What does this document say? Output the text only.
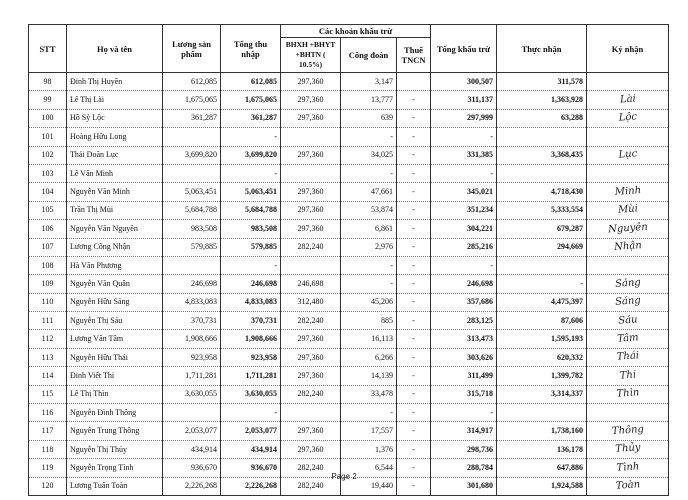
STT	Họ và tên	Lương sản phẩm	Tổng thu nhập	Các khoản khấu trừ			Tổng khấu trừ	Thực nhận	Ký nhận
				BHXH +BHYT +BHTN ( 10.5%)	Công đoàn	Thuế TNCN			
98	Đinh Thị Huyền	612,085	612,085	297,360	3,147		300,507	311,578	
99	Lê Thị Lài	1,675,065	1,675,065	297,360	13,777	-	311,137	1,363,928	Lài
100	Hồ Sỹ Lộc	361,287	361,287	297,360	639	-	297,999	63,288	Lộc
101	Hoàng Hữu Long		-		-	-	-		
102	Thái Doãn Lục	3,699,820	3,699,820	297,360	34,025	-	331,385	3,368,435	Lục
103	Lê Văn Minh		-		-	-	-		
104	Nguyễn Văn Minh	5,063,451	5,063,451	297,360	47,661	-	345,021	4,718,430	Minh
105	Trần Thị Mùi	5,684,788	5,684,788	297,360	53,874	-	351,234	5,333,554	Mùi
106	Nguyễn Văn Nguyên	983,508	983,508	297,360	6,861	-	304,221	679,287	Nguyên
107	Lương Công Nhận	579,885	579,885	282,240	2,976	-	285,216	294,669	Nhận
108	Hà Văn Phương		-		-	-	-		
109	Nguyễn Văn Quân	246,698	246,698	246,698	-	-	246,698	-	Sáng
110	Nguyễn Hữu Sáng	4,833,083	4,833,083	312,480	45,206	-	357,686	4,475,397	Sáng
111	Nguyễn Thị Sáu	370,731	370,731	282,240	885	-	283,125	87,606	Sáu
112	Lương Văn Tâm	1,908,666	1,908,666	297,360	16,113	-	313,473	1,595,193	Tâm
113	Nguyễn Hữu Thái	923,958	923,958	297,360	6,266	-	303,626	620,332	Thái
114	Đinh Viết Thi	1,711,281	1,711,281	297,360	14,139	-	311,499	1,399,782	Thi
115	Lê Thị Thìn	3,630,055	3,630,055	282,240	33,478	-	315,718	3,314,337	Thìn
116	Nguyễn Đình Thông		-		-	-	-		
117	Nguyễn Trung Thông	2,053,077	2,053,077	297,360	17,557	-	314,917	1,738,160	Thông
118	Nguyễn Thị Thủy	434,914	434,914	297,360	1,376	-	298,736	136,178	Thủy
119	Nguyễn Trọng Tình	936,670	936,670	282,240	6,544	-	288,784	647,886	Tình
120	Lương Tuấn Toàn	2,226,268	2,226,268	282,240	19,440	-	301,680	1,924,588	Toàn
Page 2
